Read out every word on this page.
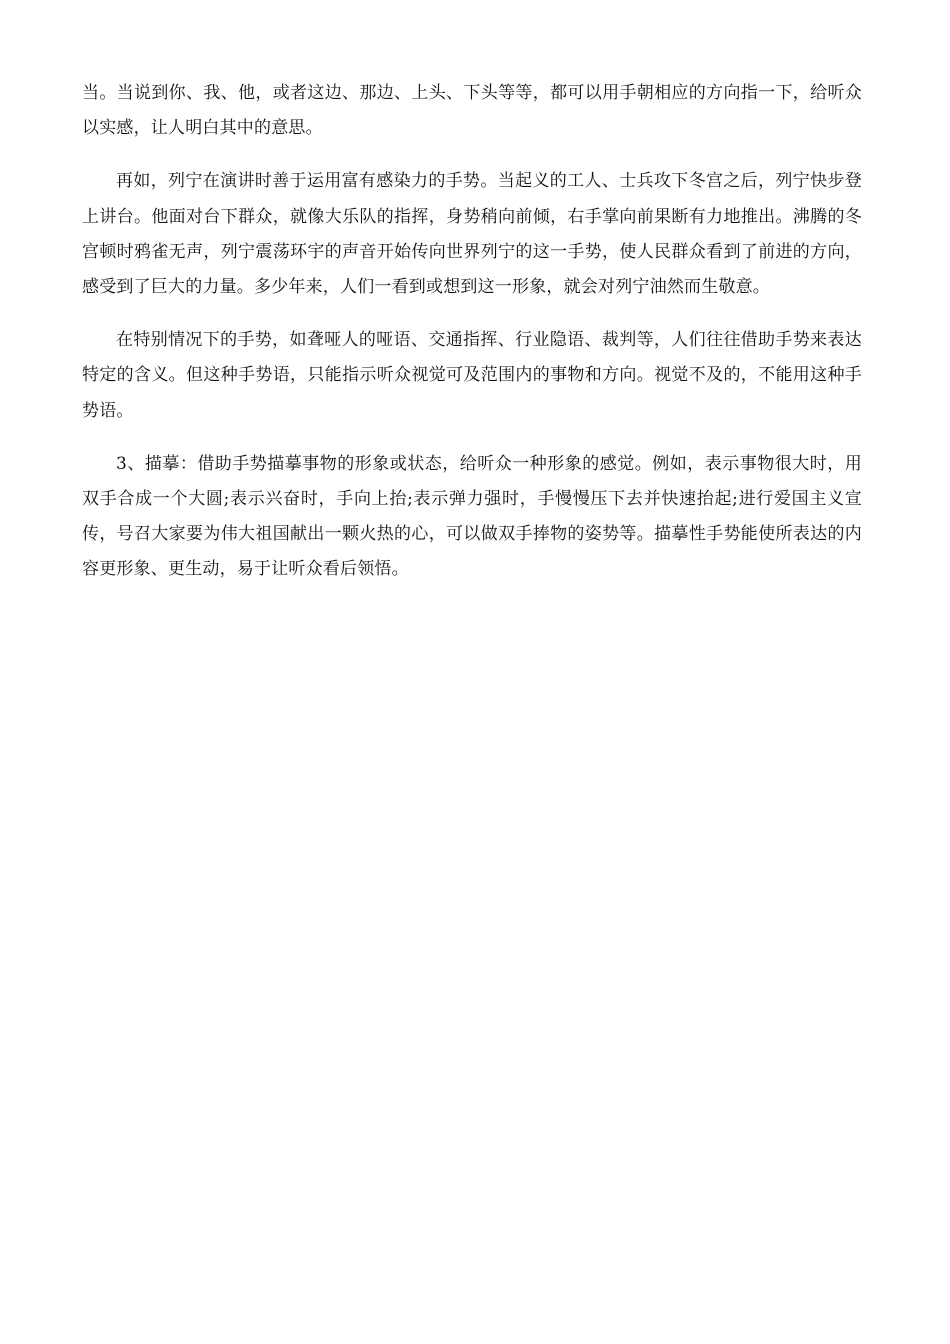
当。当说到你、我、他，或者这边、那边、上头、下头等等，都可以用手朝相应的方向指一下，给听众以实感，让人明白其中的意思。

再如，列宁在演讲时善于运用富有感染力的手势。当起义的工人、士兵攻下冬宫之后，列宁快步登上讲台。他面对台下群众，就像大乐队的指挥，身势稍向前倾，右手掌向前果断有力地推出。沸腾的冬宫顿时鸦雀无声，列宁震荡环宇的声音开始传向世界列宁的这一手势，使人民群众看到了前进的方向，感受到了巨大的力量。多少年来，人们一看到或想到这一形象，就会对列宁油然而生敬意。

在特别情况下的手势，如聋哑人的哑语、交通指挥、行业隐语、裁判等，人们往往借助手势来表达特定的含义。但这种手势语，只能指示听众视觉可及范围内的事物和方向。视觉不及的，不能用这种手势语。

3、描摹：借助手势描摹事物的形象或状态，给听众一种形象的感觉。例如，表示事物很大时，用双手合成一个大圆;表示兴奋时，手向上抬;表示弹力强时，手慢慢压下去并快速抬起;进行爱国主义宣传，号召大家要为伟大祖国献出一颗火热的心，可以做双手捧物的姿势等。描摹性手势能使所表达的内容更形象、更生动，易于让听众看后领悟。
